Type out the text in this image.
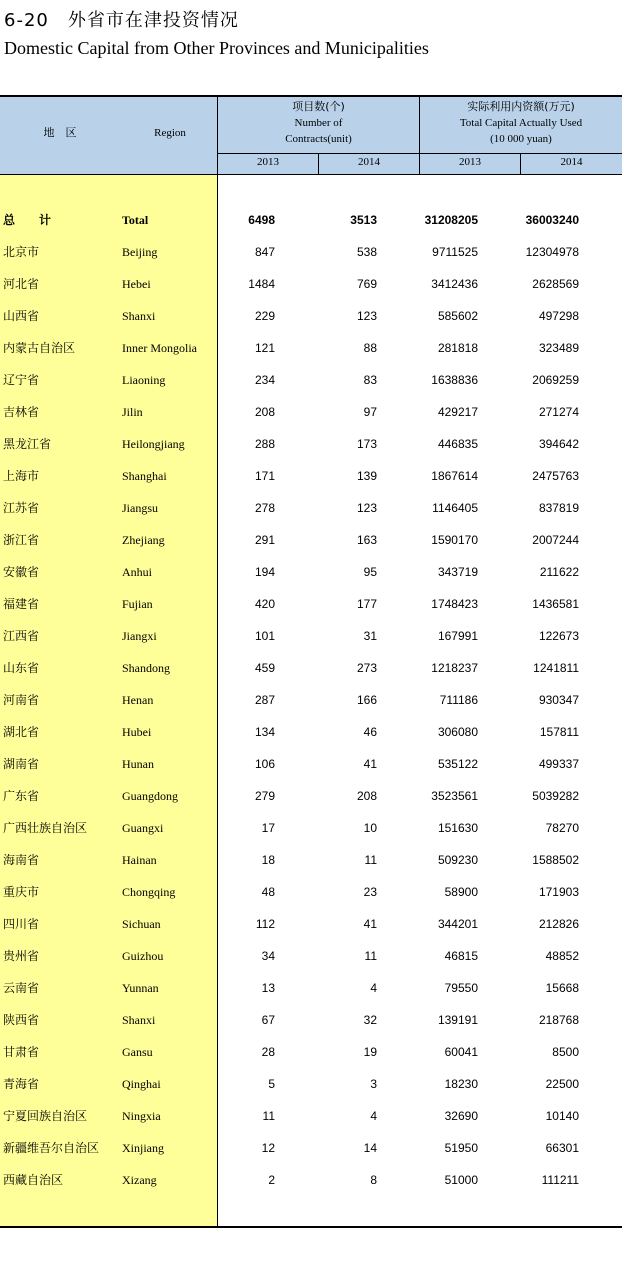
6-20　外省市在津投资情况
Domestic Capital from Other Provinces and Municipalities
地　区	Region
项目数(个)
Number of
Contracts(unit)
实际利用内资额(万元)
Total Capital Actually Used
(10 000 yuan)
2013	2014	2013	2014
总　　计	Total	6498	3513	31208205	36003240
北京市	Beijing	847	538	9711525	12304978
河北省	Hebei	1484	769	3412436	2628569
山西省	Shanxi	229	123	585602	497298
内蒙古自治区	Inner Mongolia	121	88	281818	323489
辽宁省	Liaoning	234	83	1638836	2069259
吉林省	Jilin	208	97	429217	271274
黑龙江省	Heilongjiang	288	173	446835	394642
上海市	Shanghai	171	139	1867614	2475763
江苏省	Jiangsu	278	123	1146405	837819
浙江省	Zhejiang	291	163	1590170	2007244
安徽省	Anhui	194	95	343719	211622
福建省	Fujian	420	177	1748423	1436581
江西省	Jiangxi	101	31	167991	122673
山东省	Shandong	459	273	1218237	1241811
河南省	Henan	287	166	711186	930347
湖北省	Hubei	134	46	306080	157811
湖南省	Hunan	106	41	535122	499337
广东省	Guangdong	279	208	3523561	5039282
广西壮族自治区	Guangxi	17	10	151630	78270
海南省	Hainan	18	11	509230	1588502
重庆市	Chongqing	48	23	58900	171903
四川省	Sichuan	112	41	344201	212826
贵州省	Guizhou	34	11	46815	48852
云南省	Yunnan	13	4	79550	15668
陕西省	Shanxi	67	32	139191	218768
甘肃省	Gansu	28	19	60041	8500
青海省	Qinghai	5	3	18230	22500
宁夏回族自治区	Ningxia	11	4	32690	10140
新疆维吾尔自治区 Xinjiang	12	14	51950	66301
西藏自治区	Xizang	2	8	51000	111211
